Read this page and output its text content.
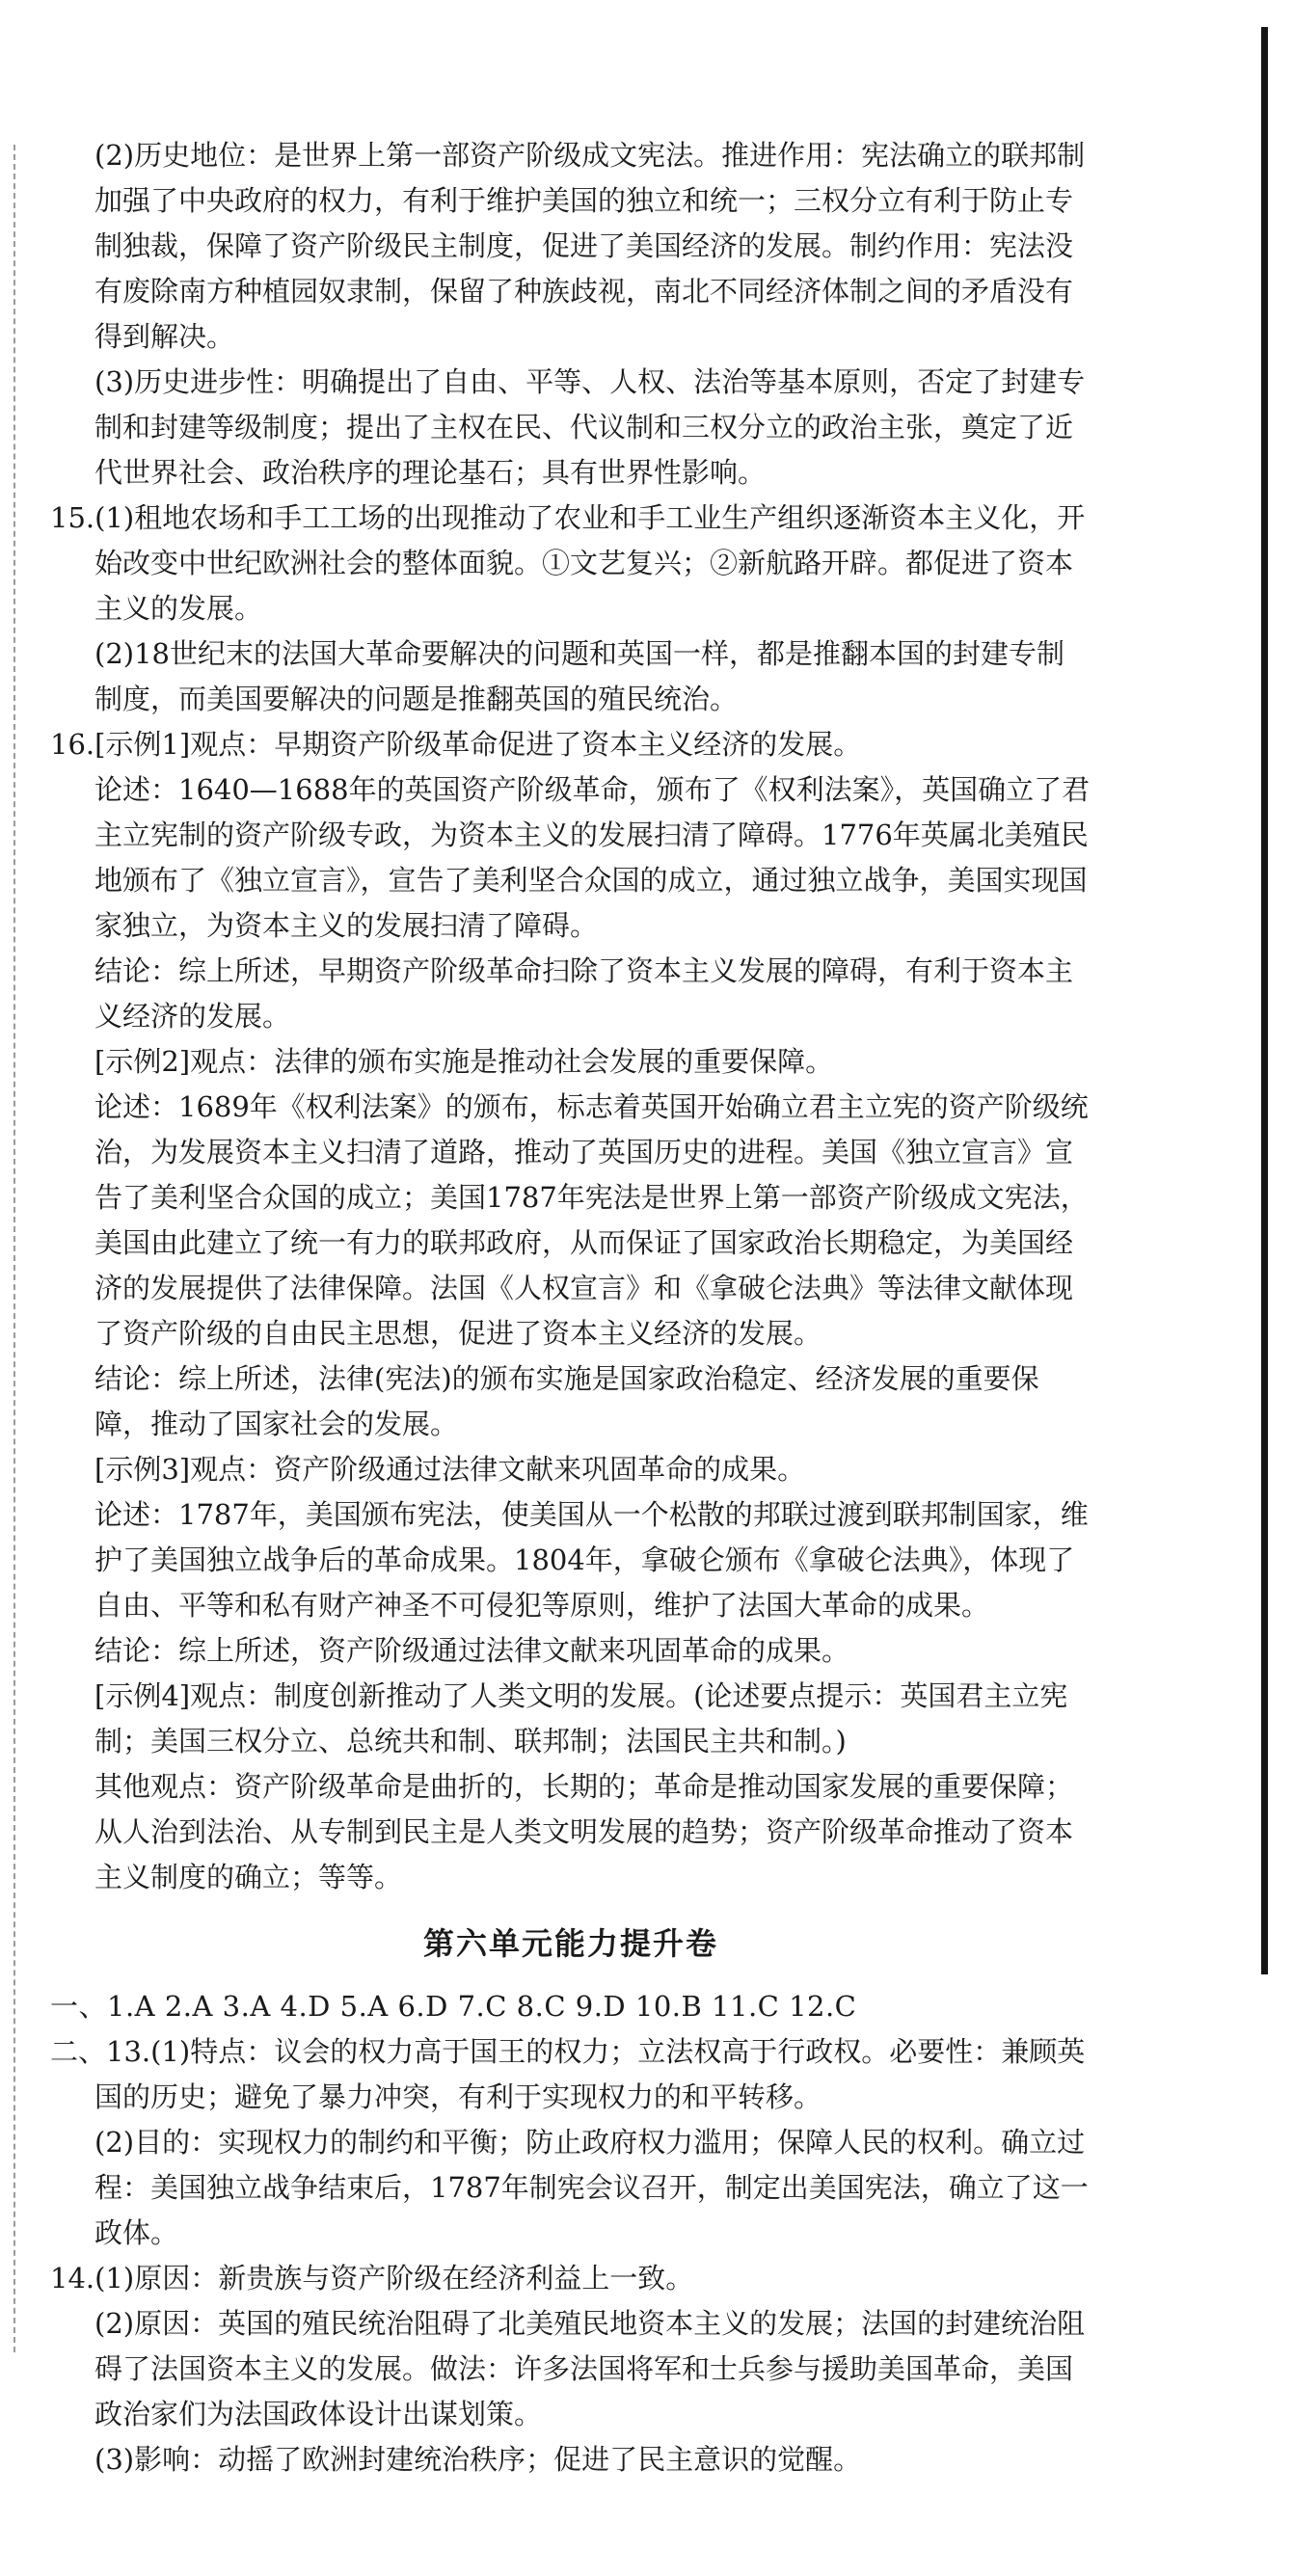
(2)历史地位：是世界上第一部资产阶级成文宪法。推进作用：宪法确立的联邦制加强了中央政府的权力，有利于维护美国的独立和统一；三权分立有利于防止专制独裁，保障了资产阶级民主制度，促进了美国经济的发展。制约作用：宪法没有废除南方种植园奴隶制，保留了种族歧视，南北不同经济体制之间的矛盾没有得到解决。

(3)历史进步性：明确提出了自由、平等、人权、法治等基本原则，否定了封建专制和封建等级制度；提出了主权在民、代议制和三权分立的政治主张，奠定了近代世界社会、政治秩序的理论基石；具有世界性影响。

15.(1)租地农场和手工工场的出现推动了农业和手工业生产组织逐渐资本主义化，开始改变中世纪欧洲社会的整体面貌。①文艺复兴；②新航路开辟。都促进了资本主义的发展。

(2)18世纪末的法国大革命要解决的问题和英国一样，都是推翻本国的封建专制制度，而美国要解决的问题是推翻英国的殖民统治。

16.[示例1]观点：早期资产阶级革命促进了资本主义经济的发展。

论述：1640—1688年的英国资产阶级革命，颁布了《权利法案》，英国确立了君主立宪制的资产阶级专政，为资本主义的发展扫清了障碍。1776年英属北美殖民地颁布了《独立宣言》，宣告了美利坚合众国的成立，通过独立战争，美国实现国家独立，为资本主义的发展扫清了障碍。

结论：综上所述，早期资产阶级革命扫除了资本主义发展的障碍，有利于资本主义经济的发展。

[示例2]观点：法律的颁布实施是推动社会发展的重要保障。

论述：1689年《权利法案》的颁布，标志着英国开始确立君主立宪的资产阶级统治，为发展资本主义扫清了道路，推动了英国历史的进程。美国《独立宣言》宣告了美利坚合众国的成立；美国1787年宪法是世界上第一部资产阶级成文宪法，美国由此建立了统一有力的联邦政府，从而保证了国家政治长期稳定，为美国经济的发展提供了法律保障。法国《人权宣言》和《拿破仑法典》等法律文献体现了资产阶级的自由民主思想，促进了资本主义经济的发展。

结论：综上所述，法律(宪法)的颁布实施是国家政治稳定、经济发展的重要保障，推动了国家社会的发展。

[示例3]观点：资产阶级通过法律文献来巩固革命的成果。

论述：1787年，美国颁布宪法，使美国从一个松散的邦联过渡到联邦制国家，维护了美国独立战争后的革命成果。1804年，拿破仑颁布《拿破仑法典》，体现了自由、平等和私有财产神圣不可侵犯等原则，维护了法国大革命的成果。

结论：综上所述，资产阶级通过法律文献来巩固革命的成果。

[示例4]观点：制度创新推动了人类文明的发展。(论述要点提示：英国君主立宪制；美国三权分立、总统共和制、联邦制；法国民主共和制。)

其他观点：资产阶级革命是曲折的，长期的；革命是推动国家发展的重要保障；从人治到法治、从专制到民主是人类文明发展的趋势；资产阶级革命推动了资本主义制度的确立；等等。

第六单元能力提升卷

一、1.A 2.A 3.A 4.D 5.A 6.D 7.C 8.C 9.D 10.B 11.C 12.C

二、13.(1)特点：议会的权力高于国王的权力；立法权高于行政权。必要性：兼顾英国的历史；避免了暴力冲突，有利于实现权力的和平转移。

(2)目的：实现权力的制约和平衡；防止政府权力滥用；保障人民的权利。确立过程：美国独立战争结束后，1787年制宪会议召开，制定出美国宪法，确立了这一政体。

14.(1)原因：新贵族与资产阶级在经济利益上一致。

(2)原因：英国的殖民统治阻碍了北美殖民地资本主义的发展；法国的封建统治阻碍了法国资本主义的发展。做法：许多法国将军和士兵参与援助美国革命，美国政治家们为法国政体设计出谋划策。

(3)影响：动摇了欧洲封建统治秩序；促进了民主意识的觉醒。
